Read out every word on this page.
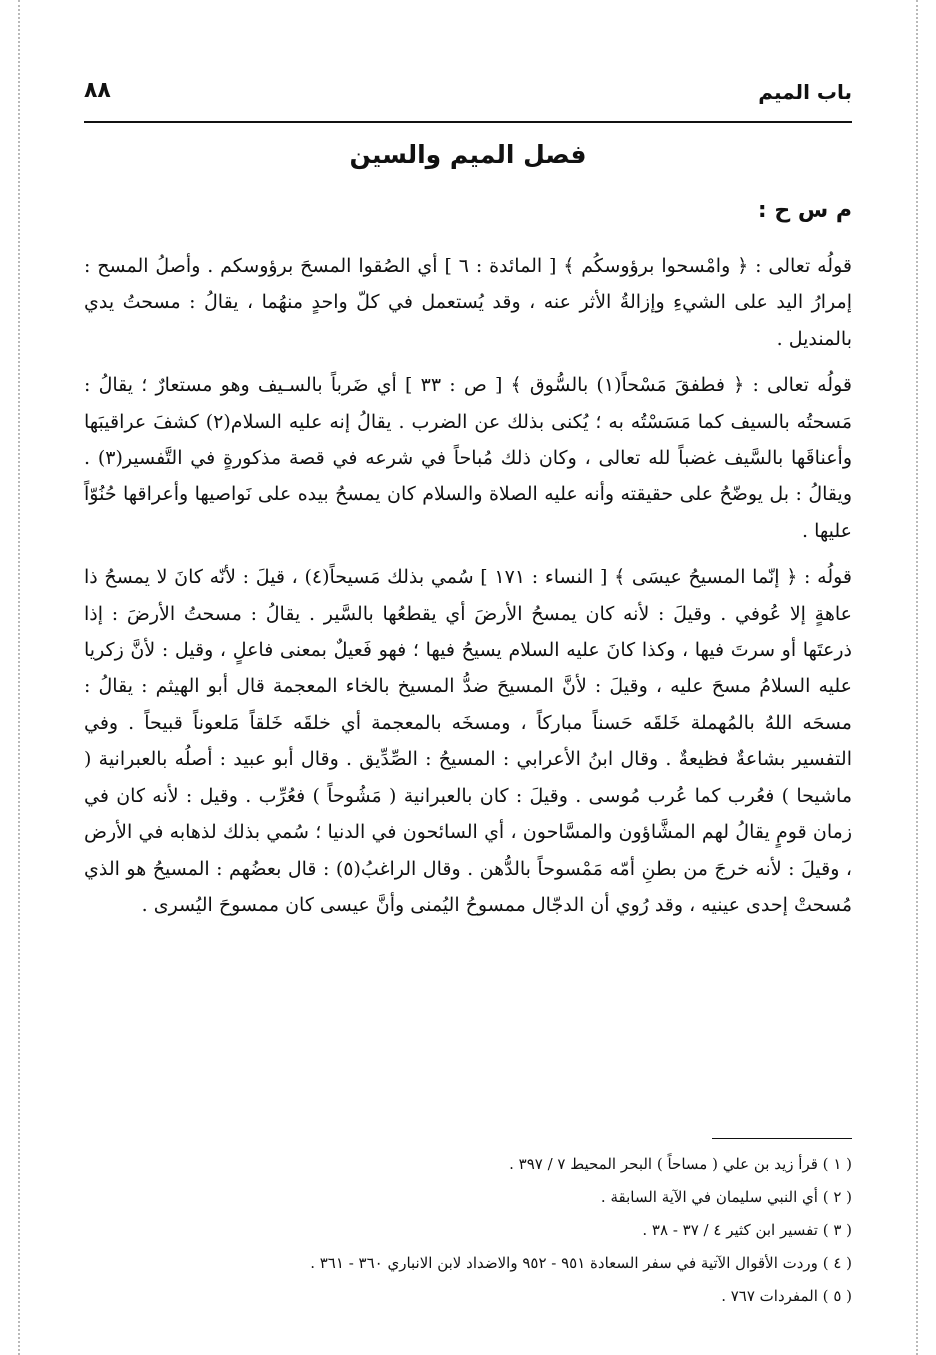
باب الميم
٨٨
فصل الميم والسين
م س ح :

قولُه تعالى : ﴿ وامْسحوا برؤوسكُم ﴾ [ المائدة : ٦ ] أي الصُقوا المسحَ برؤوسكم . وأصلُ المسح : إمرارُ اليد على الشيءِ وإزالةُ الأثر عنه ، وقد يُستعمل في كلّ واحدٍ منهُما ، يقالُ : مسحتُ يدي بالمنديل .

قولُه تعالى : ﴿ فطفقَ مَسْحاً(١) بالسُّوق ﴾ [ ص : ٣٣ ] أي ضَرباً بالسـيف وهو مستعارٌ ؛ يقالُ : مَسحتُه بالسيف كما مَسَسْتُه به ؛ يُكنى بذلك عن الضرب . يقالُ إنه عليه السلام(٢) كشفَ عراقيبَها وأعناقَها بالسَّيف غضباً لله تعالى ، وكان ذلك مُباحاً في شرعه في قصة مذكورةٍ في التَّفسير(٣) . ويقالُ : بل يوضّحُ على حقيقته وأنه عليه الصلاة والسلام كان يمسحُ بيده على نَواصيها وأعراقها حُنُوّاً عليها .

قولُه : ﴿ إنّما المسيحُ عيسَى ﴾ [ النساء : ١٧١ ] سُمي بذلك مَسيحاً(٤) ، قيلَ : لأنّه كانَ لا يمسحُ ذا عاهةٍ إلا عُوفي . وقيلَ : لأنه كان يمسحُ الأرضَ أي يقطعُها بالسَّير . يقالُ : مسحتُ الأرضَ : إذا ذرعتَها أو سرتَ فيها ، وكذا كانَ عليه السلام يسيحُ فيها ؛ فهو فَعيلٌ بمعنى فاعلٍ ، وقيل : لأنَّ زكريا عليه السلامُ مسحَ عليه ، وقيلَ : لأنَّ المسيحَ ضدُّ المسيخ بالخاء المعجمة قال أبو الهيثم : يقالُ : مسحَه اللهُ بالمُهملة خَلقَه حَسناً مباركاً ، ومسخَه بالمعجمة أي خلقَه خَلقاً مَلعوناً قبيحاً . وفي التفسير بشاعةٌ فظيعةٌ . وقال ابنُ الأعرابي : المسيحُ : الصِّدِّيق . وقال أبو عبيد : أصلُه بالعبرانية ( ماشيحا ) فعُرب كما عُرب مُوسى . وقيلَ : كان بالعبرانية ( مَشُوحاً ) فعُرِّب . وقيل : لأنه كان في زمان قومٍ يقالُ لهم المشَّاؤون والمسَّاحون ، أي السائحون في الدنيا ؛ سُمي بذلك لذهابه في الأرض ، وقيلَ : لأنه خرجَ من بطنِ أمّه مَمْسوحاً بالدُّهن . وقال الراغبُ(٥) : قال بعضُهم : المسيحُ هو الذي مُسحتْ إحدى عينيه ، وقد رُوي أن الدجّال ممسوحُ اليُمنى وأنَّ عيسى كان ممسوحَ اليُسرى .

( ١ ) قرأ زيد بن علي ( مساحاً ) البحر المحيط ٧ / ٣٩٧ .
( ٢ ) أي النبي سليمان في الآية السابقة .
( ٣ ) تفسير ابن كثير ٤ / ٣٧ - ٣٨ .
( ٤ ) وردت الأقوال الآتية في سفر السعادة ٩٥١ - ٩٥٢ والاضداد لابن الانباري ٣٦٠ - ٣٦١ .
( ٥ ) المفردات ٧٦٧ .
